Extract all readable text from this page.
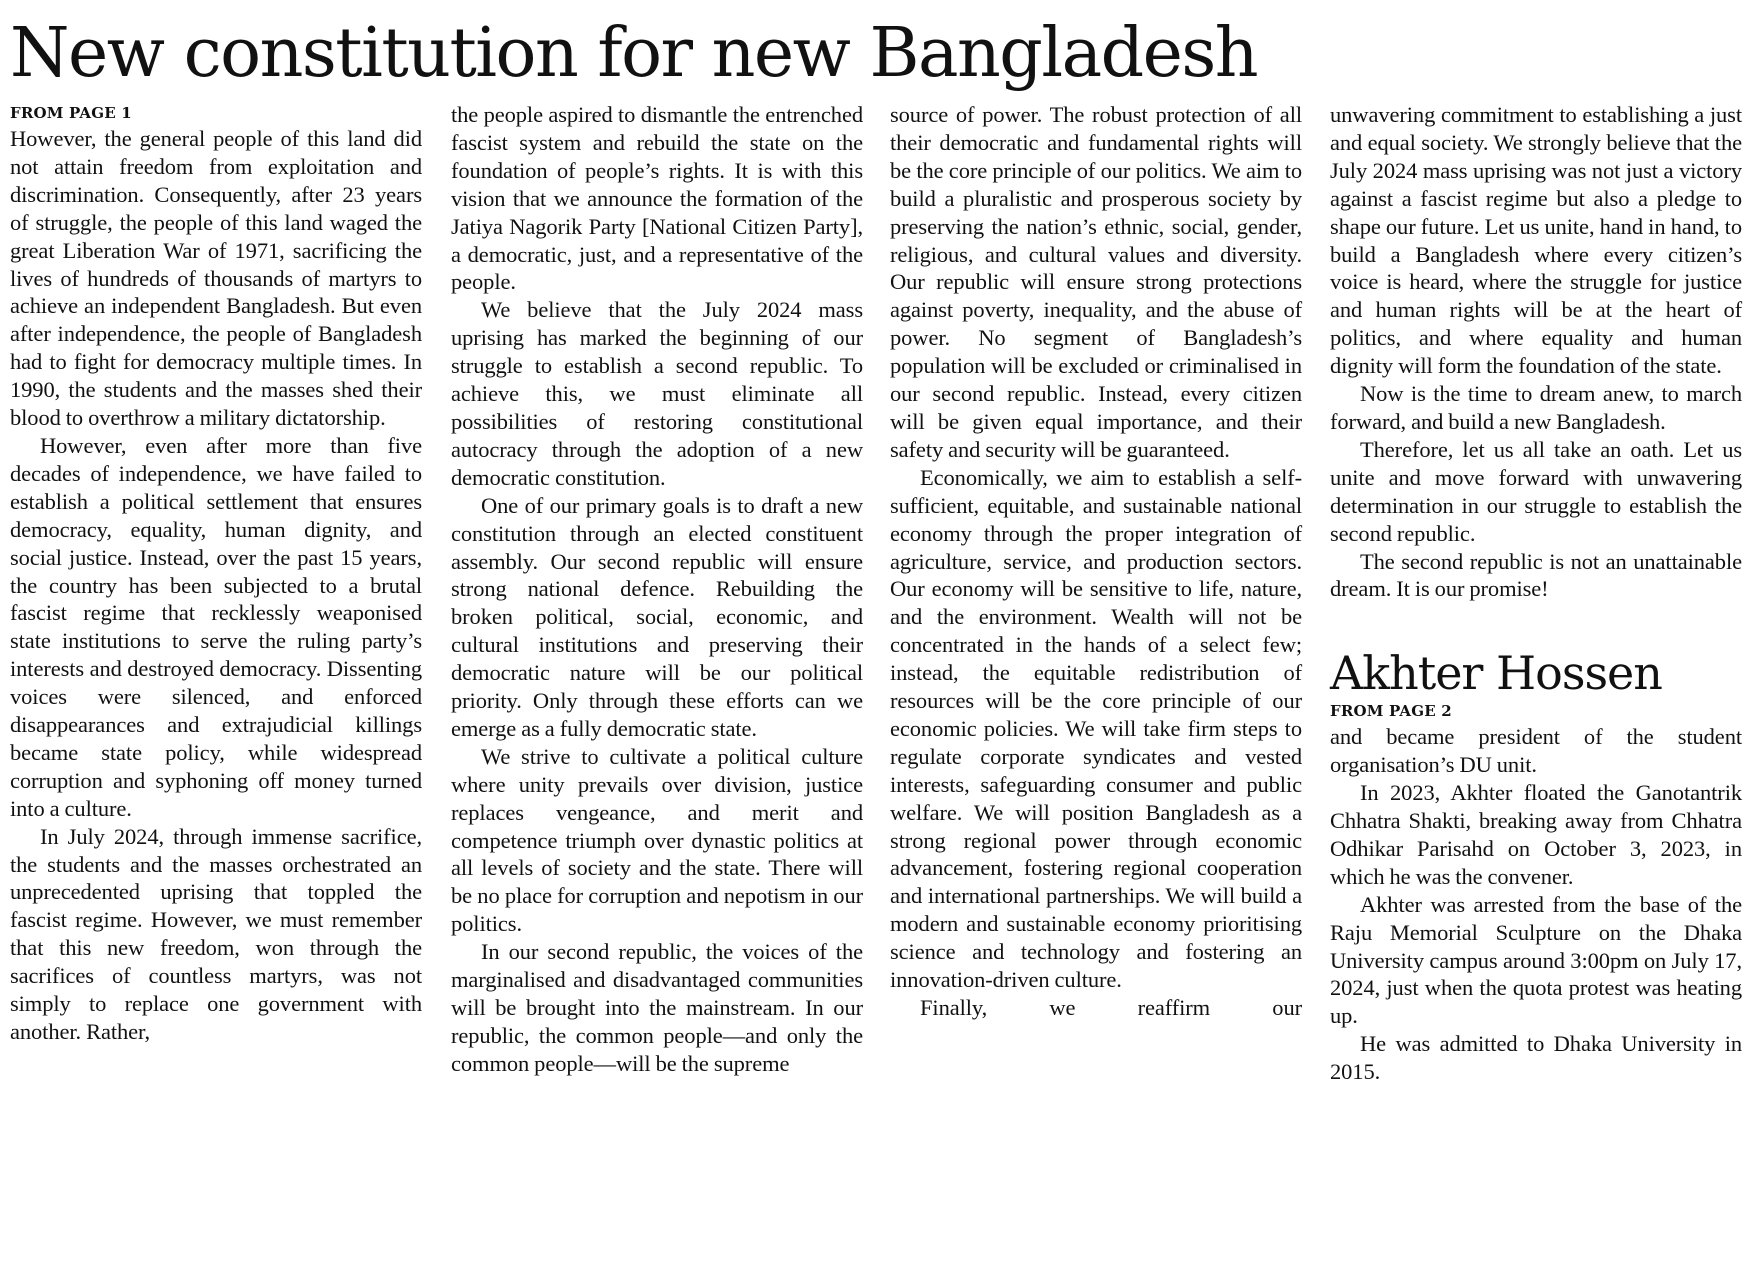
New constitution for new Bangladesh
FROM PAGE 1

However, the general people of this land did not attain freedom from exploitation and discrimination. Consequently, after 23 years of struggle, the people of this land waged the great Liberation War of 1971, sacrificing the lives of hundreds of thousands of martyrs to achieve an independent Bangladesh. But even after independence, the people of Bangladesh had to fight for democracy multiple times. In 1990, the students and the masses shed their blood to overthrow a military dictatorship.

However, even after more than five decades of independence, we have failed to establish a political settlement that ensures democracy, equality, human dignity, and social justice. Instead, over the past 15 years, the country has been subjected to a brutal fascist regime that recklessly weaponised state institutions to serve the ruling party’s interests and destroyed democracy. Dissenting voices were silenced, and enforced disappearances and extrajudicial killings became state policy, while widespread corruption and syphoning off money turned into a culture.

In July 2024, through immense sacrifice, the students and the masses orchestrated an unprecedented uprising that toppled the fascist regime. However, we must remember that this new freedom, won through the sacrifices of countless martyrs, was not simply to replace one government with another. Rather,

the people aspired to dismantle the entrenched fascist system and rebuild the state on the foundation of people’s rights. It is with this vision that we announce the formation of the Jatiya Nagorik Party [National Citizen Party], a democratic, just, and a representative of the people.

We believe that the July 2024 mass uprising has marked the beginning of our struggle to establish a second republic. To achieve this, we must eliminate all possibilities of restoring constitutional autocracy through the adoption of a new democratic constitution.

One of our primary goals is to draft a new constitution through an elected constituent assembly. Our second republic will ensure strong national defence. Rebuilding the broken political, social, economic, and cultural institutions and preserving their democratic nature will be our political priority. Only through these efforts can we emerge as a fully democratic state.

We strive to cultivate a political culture where unity prevails over division, justice replaces vengeance, and merit and competence triumph over dynastic politics at all levels of society and the state. There will be no place for corruption and nepotism in our politics.

In our second republic, the voices of the marginalised and disadvantaged communities will be brought into the mainstream. In our republic, the common people—and only the common people—will be the supreme

source of power. The robust protection of all their democratic and fundamental rights will be the core principle of our politics. We aim to build a pluralistic and prosperous society by preserving the nation’s ethnic, social, gender, religious, and cultural values and diversity. Our republic will ensure strong protections against poverty, inequality, and the abuse of power. No segment of Bangladesh’s population will be excluded or criminalised in our second republic. Instead, every citizen will be given equal importance, and their safety and security will be guaranteed.

Economically, we aim to establish a self-sufficient, equitable, and sustainable national economy through the proper integration of agriculture, service, and production sectors. Our economy will be sensitive to life, nature, and the environment. Wealth will not be concentrated in the hands of a select few; instead, the equitable redistribution of resources will be the core principle of our economic policies. We will take firm steps to regulate corporate syndicates and vested interests, safeguarding consumer and public welfare. We will position Bangladesh as a strong regional power through economic advancement, fostering regional cooperation and international partnerships. We will build a modern and sustainable economy prioritising science and technology and fostering an innovation-driven culture.

Finally, we reaffirm our

unwavering commitment to establishing a just and equal society. We strongly believe that the July 2024 mass uprising was not just a victory against a fascist regime but also a pledge to shape our future. Let us unite, hand in hand, to build a Bangladesh where every citizen’s voice is heard, where the struggle for justice and human rights will be at the heart of politics, and where equality and human dignity will form the foundation of the state.

Now is the time to dream anew, to march forward, and build a new Bangladesh.

Therefore, let us all take an oath. Let us unite and move forward with unwavering determination in our struggle to establish the second republic.

The second republic is not an unattainable dream. It is our promise!

Akhter Hossen
FROM PAGE 2

and became president of the student organisation’s DU unit.

In 2023, Akhter floated the Ganotantrik Chhatra Shakti, breaking away from Chhatra Odhikar Parisahd on October 3, 2023, in which he was the convener.

Akhter was arrested from the base of the Raju Memorial Sculpture on the Dhaka University campus around 3:00pm on July 17, 2024, just when the quota protest was heating up.

He was admitted to Dhaka University in 2015.
